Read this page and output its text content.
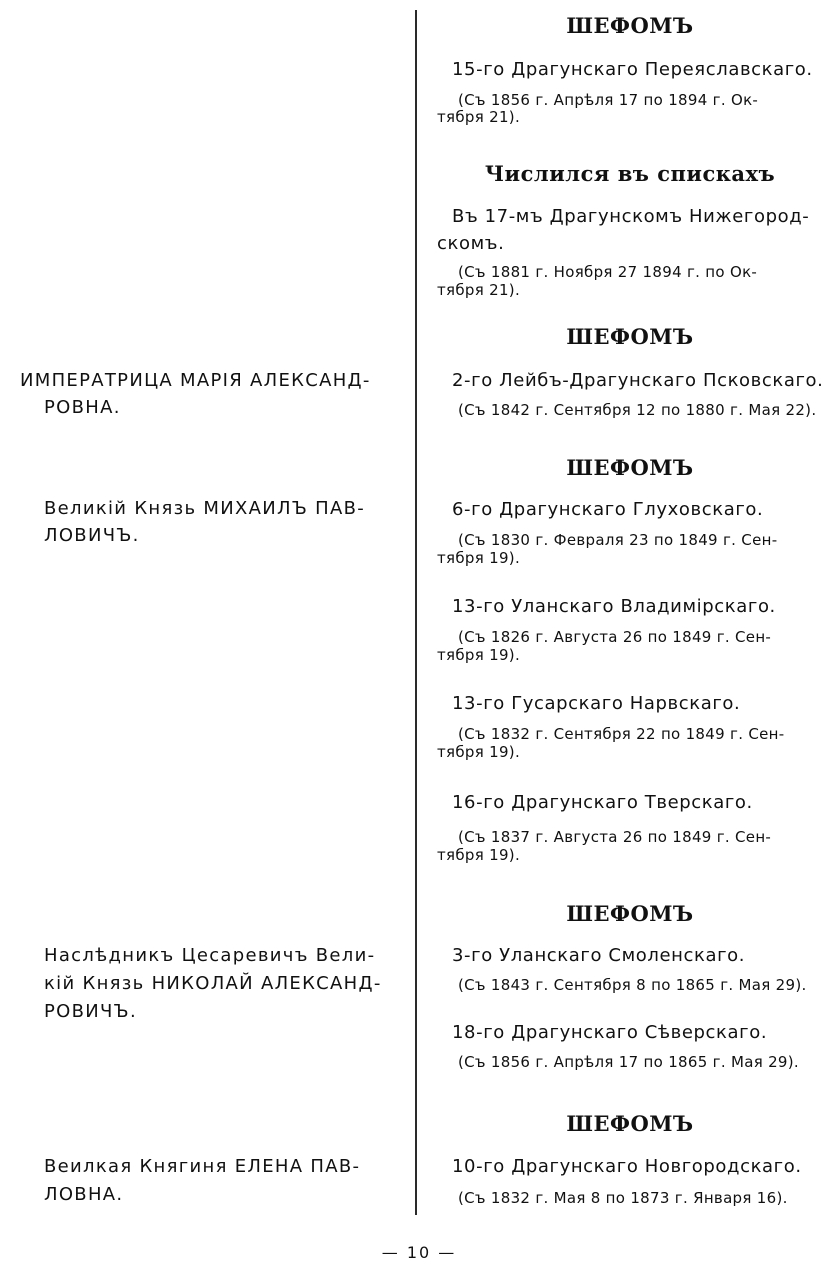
ИМПЕРАТРИЦА МАРIЯ АЛЕКСАНД-
РОВНА.
Великiй Князь МИХАИЛЪ ПАВ-
ЛОВИЧЪ.
Наслѣдникъ Цесаревичъ Вели-
кiй Князь НИКОЛАЙ АЛЕКСАНД-
РОВИЧЪ.
Веилкая Княгиня ЕЛЕНА ПАВ-
ЛОВНА.
ШЕФОМЪ
15-го Драгунскаго Переяславскаго.
(Съ 1856 г. Апрѣля 17 по 1894 г. Ок-
тября 21).
Числился въ спискахъ
Въ 17-мъ Драгунскомъ Нижегород-
скомъ.
(Съ 1881 г. Ноября 27 1894 г. по Ок-
тября 21).
ШЕФОМЪ
2-го Лейбъ-Драгунскаго Псковскаго.
(Съ 1842 г. Сентября 12 по 1880 г. Мая 22).
ШЕФОМЪ
6-го Драгунскаго Глуховскаго.
(Съ 1830 г. Февраля 23 по 1849 г. Сен-
тября 19).
13-го Уланскаго Владимiрскаго.
(Съ 1826 г. Августа 26 по 1849 г. Сен-
тября 19).
13-го Гусарскаго Нарвскаго.
(Съ 1832 г. Сентября 22 по 1849 г. Сен-
тября 19).
16-го Драгунскаго Тверскаго.
(Съ 1837 г. Августа 26 по 1849 г. Сен-
тября 19).
ШЕФОМЪ
3-го Уланскаго Смоленскаго.
(Съ 1843 г. Сентября 8 по 1865 г. Мая 29).
18-го Драгунскаго Сѣверскаго.
(Съ 1856 г. Апрѣля 17 по 1865 г. Мая 29).
ШЕФОМЪ
10-го Драгунскаго Новгородскаго.
(Съ 1832 г. Мая 8 по 1873 г. Января 16).
— 10 —
